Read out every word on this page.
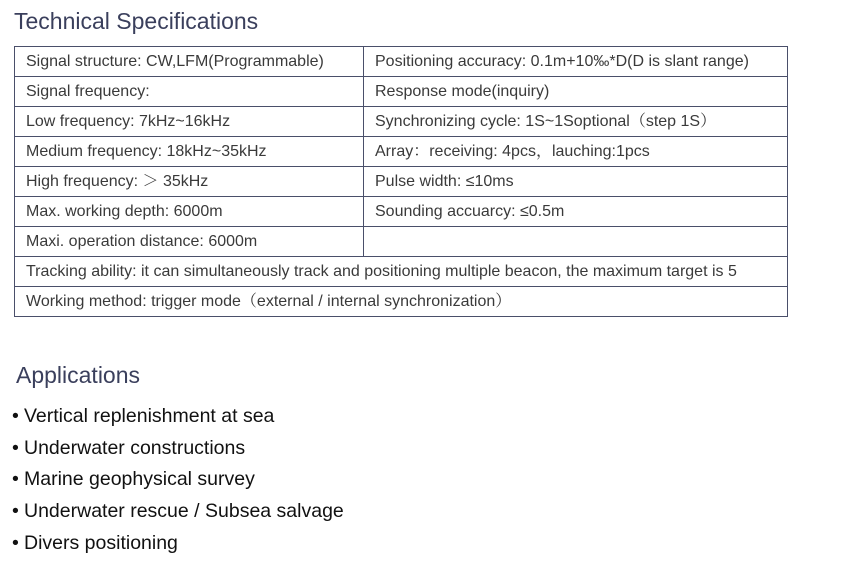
Technical Specifications
Signal structure: CW,LFM(Programmable)	Positioning accuracy: 0.1m+10‰*D(D is slant range)
Signal frequency:	Response mode(inquiry)
Low frequency: 7kHz~16kHz	Synchronizing cycle: 1S~1Soptional（step 1S）
Medium frequency: 18kHz~35kHz	Array：receiving: 4pcs，lauching:1pcs
High frequency: ＞ 35kHz	Pulse width: ≤10ms
Max. working depth: 6000m	Sounding accuarcy: ≤0.5m
Maxi. operation distance: 6000m	
Tracking ability: it can simultaneously track and positioning multiple beacon, the maximum target is 5	
Working method: trigger mode（external / internal synchronization）	
Applications
• Vertical replenishment at sea
• Underwater constructions
• Marine geophysical survey
• Underwater rescue / Subsea salvage
• Divers positioning
